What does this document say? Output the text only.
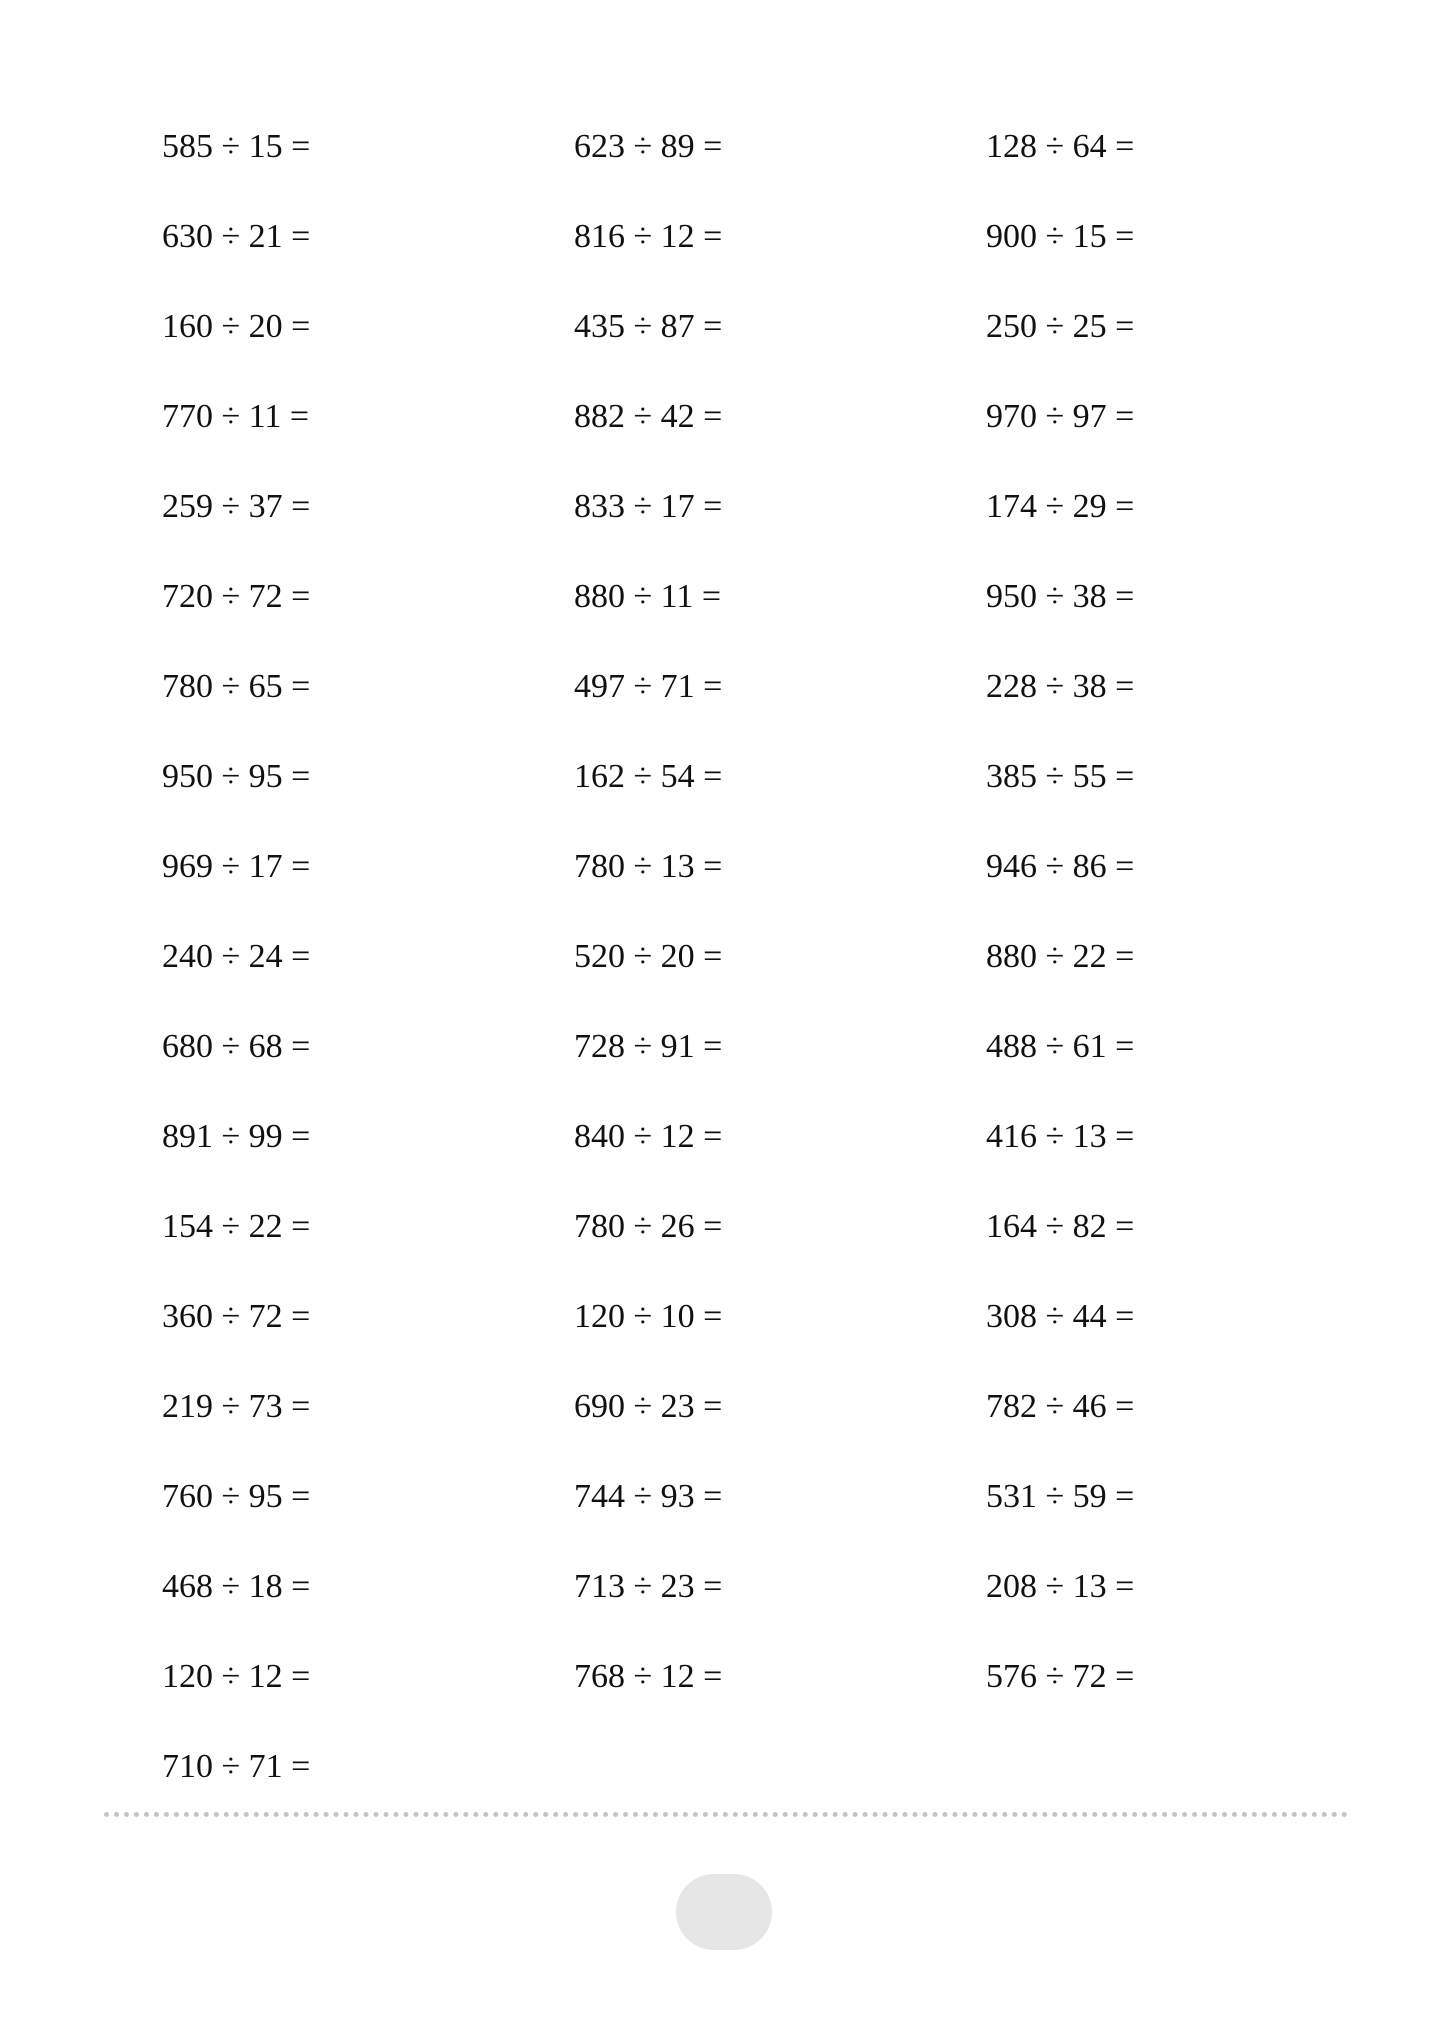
585 ÷ 15 =	623 ÷ 89 =	128 ÷ 64 =
630 ÷ 21 =	816 ÷ 12 =	900 ÷ 15 =
160 ÷ 20 =	435 ÷ 87 =	250 ÷ 25 =
770 ÷ 11 =	882 ÷ 42 =	970 ÷ 97 =
259 ÷ 37 =	833 ÷ 17 =	174 ÷ 29 =
720 ÷ 72 =	880 ÷ 11 =	950 ÷ 38 =
780 ÷ 65 =	497 ÷ 71 =	228 ÷ 38 =
950 ÷ 95 =	162 ÷ 54 =	385 ÷ 55 =
969 ÷ 17 =	780 ÷ 13 =	946 ÷ 86 =
240 ÷ 24 =	520 ÷ 20 =	880 ÷ 22 =
680 ÷ 68 =	728 ÷ 91 =	488 ÷ 61 =
891 ÷ 99 =	840 ÷ 12 =	416 ÷ 13 =
154 ÷ 22 =	780 ÷ 26 =	164 ÷ 82 =
360 ÷ 72 =	120 ÷ 10 =	308 ÷ 44 =
219 ÷ 73 =	690 ÷ 23 =	782 ÷ 46 =
760 ÷ 95 =	744 ÷ 93 =	531 ÷ 59 =
468 ÷ 18 =	713 ÷ 23 =	208 ÷ 13 =
120 ÷ 12 =	768 ÷ 12 =	576 ÷ 72 =
710 ÷ 71 =
